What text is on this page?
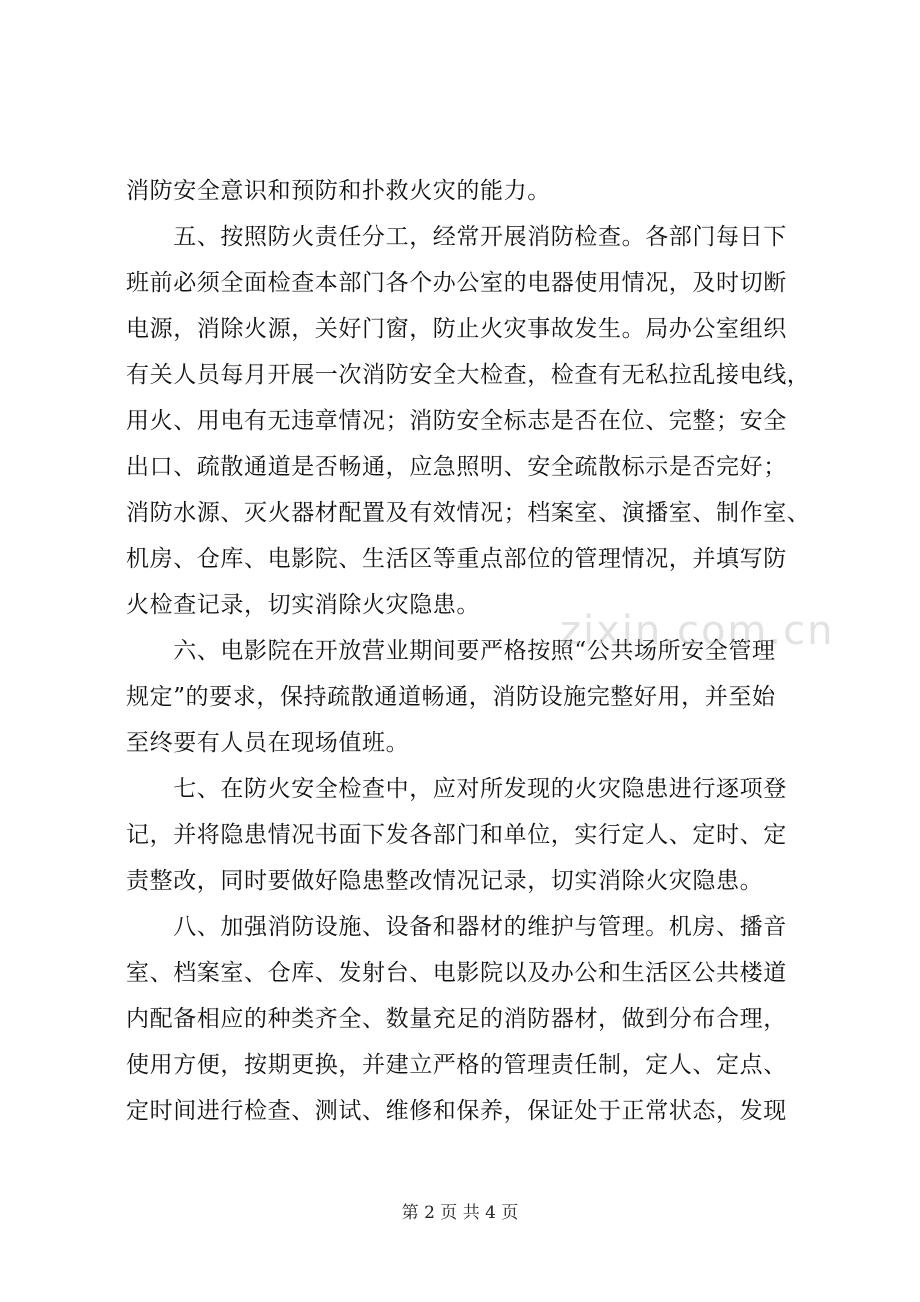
消防安全意识和预防和扑救火灾的能力。
　　五、按照防火责任分工，经常开展消防检查。各部门每日下
班前必须全面检查本部门各个办公室的电器使用情况，及时切断
电源，消除火源，关好门窗，防止火灾事故发生。局办公室组织
有关人员每月开展一次消防安全大检查，检查有无私拉乱接电线，
用火、用电有无违章情况；消防安全标志是否在位、完整；安全
出口、疏散通道是否畅通，应急照明、安全疏散标示是否完好；
消防水源、灭火器材配置及有效情况；档案室、演播室、制作室、
机房、仓库、电影院、生活区等重点部位的管理情况，并填写防
火检查记录，切实消除火灾隐患。
　　六、电影院在开放营业期间要严格按照“公共场所安全管理
规定”的要求，保持疏散通道畅通，消防设施完整好用，并至始
至终要有人员在现场值班。
　　七、在防火安全检查中，应对所发现的火灾隐患进行逐项登
记，并将隐患情况书面下发各部门和单位，实行定人、定时、定
责整改，同时要做好隐患整改情况记录，切实消除火灾隐患。
　　八、加强消防设施、设备和器材的维护与管理。机房、播音
室、档案室、仓库、发射台、电影院以及办公和生活区公共楼道
内配备相应的种类齐全、数量充足的消防器材，做到分布合理，
使用方便，按期更换，并建立严格的管理责任制，定人、定点、
定时间进行检查、测试、维修和保养，保证处于正常状态，发现
zixin.com.cn
第 2 页 共 4 页
